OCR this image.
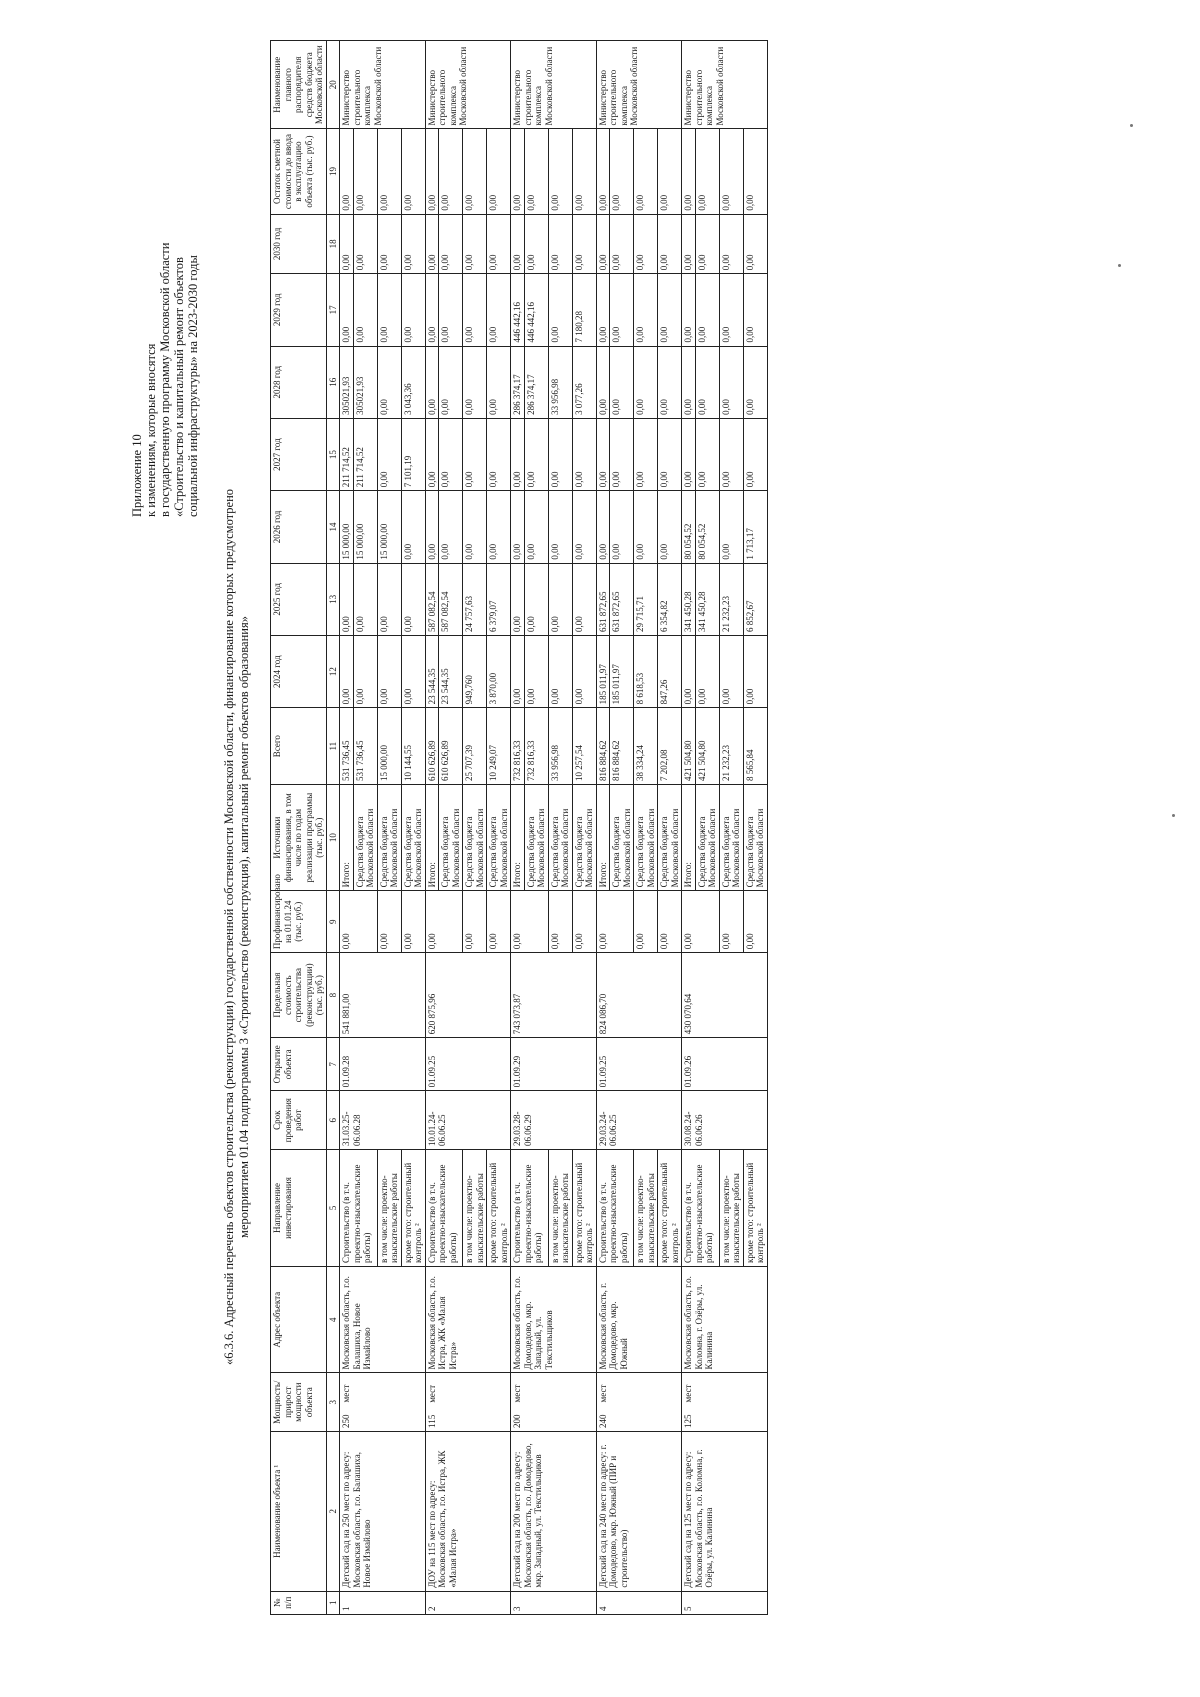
Приложение 10 к изменениям, которые вносятся в государственную программу Московской области «Строительство и капитальный ремонт объектов социальной инфраструктуры» на 2023-2030 годы
«6.3.6. Адресный перечень объектов строительства (реконструкции) государственной собственности Московской области, финансирование которых предусмотрено мероприятием 01.04 подпрограммы 3 «Строительство (реконструкция), капитальный ремонт объектов образования»
№ п/п	Наименование объекта ¹	Мощность/ прирост мощности объекта	Адрес объекта	Направление инвестирования	Срок проведения работ	Открытие объекта	Предельная стоимость строительства (реконструкции) (тыс. руб.)	Профинансировано на 01.01.24 (тыс. руб.)	Источники финансирования, в том числе по годам реализации программы (тыс. руб.)	Всего	2024 год	2025 год	2026 год	2027 год	2028 год	2029 год	2030 год	Остаток сметной стоимости до ввода в эксплуатацию объекта (тыс. руб.)	Наименование главного распорядителя средств бюджета Московской области
1	2	3	4	5	6	7	8	9	10	11	12	13	14	15	16	17	18	19	20
1	Детский сад на 250 мест по адресу: Московская область, г.о. Балашиха, Новое Измайлово	250мест	Московская область, г.о. Балашиха, Новое Измайлово	Строительство (в т.ч. проектно-изыскательские работы)	31.03.25-06.06.28	01.09.28	541 881,00	0,00	Итого:	531 736,45	0,00	0,00	15 000,00	211 714,52	305021,93	0,00	0,00	0,00	Министерство строительного комплекса Московской области
									Средства бюджета Московской области	531 736,45	0,00	0,00	15 000,00	211 714,52	305021,93	0,00	0,00	0,00	
				в том числе: проектно-изыскательские работы				0,00	Средства бюджета Московской области	15 000,00	0,00	0,00	15 000,00	0,00	0,00	0,00	0,00	0,00	
				кроме того: строительный контроль ²				0,00	Средства бюджета Московской области	10 144,55	0,00	0,00	0,00	7 101,19	3 043,36	0,00	0,00	0,00	
2	ДОУ на 115 мест по адресу: Московская область, г.о. Истра, ЖК «Малая Истра»	115мест	Московская область, г.о. Истра, ЖК «Малая Истра»	Строительство (в т.ч. проектно-изыскательские работы)	10.01.24-06.06.25	01.09.25	620 875,96	0,00	Итого:	610 626,89	23 544,35	587 082,54	0,00	0,00	0,00	0,00	0,00	0,00	Министерство строительного комплекса Московской области
									Средства бюджета Московской области	610 626,89	23 544,35	587 082,54	0,00	0,00	0,00	0,00	0,00	0,00	
				в том числе: проектно-изыскательские работы				0,00	Средства бюджета Московской области	25 707,39	949,760	24 757,63	0,00	0,00	0,00	0,00	0,00	0,00	
				кроме того: строительный контроль ²				0,00	Средства бюджета Московской области	10 249,07	3 870,00	6 379,07	0,00	0,00	0,00	0,00	0,00	0,00	
3	Детский сад на 200 мест по адресу: Московская область, г.о. Домодедово, мкр. Западный, ул. Текстильщиков	200мест	Московская область, г.о. Домодедово, мкр. Западный, ул. Текстильщиков	Строительство (в т.ч. проектно-изыскательские работы)	29.03.28-06.06.29	01.09.29	743 073,87	0,00	Итого:	732 816,33	0,00	0,00	0,00	0,00	286 374,17	446 442,16	0,00	0,00	Министерство строительного комплекса Московской области
									Средства бюджета Московской области	732 816,33	0,00	0,00	0,00	0,00	286 374,17	446 442,16	0,00	0,00	
				в том числе: проектно-изыскательские работы				0,00	Средства бюджета Московской области	33 956,98	0,00	0,00	0,00	0,00	33 956,98	0,00	0,00	0,00	
				кроме того: строительный контроль ²				0,00	Средства бюджета Московской области	10 257,54	0,00	0,00	0,00	0,00	3 077,26	7 180,28	0,00	0,00	
4	Детский сад на 240 мест по адресу: г. Домодедово, мкр. Южный (ПИР и строительство)	240мест	Московская область, г. Домодедово, мкр. Южный	Строительство (в т.ч. проектно-изыскательские работы)	29.03.24-06.06.25	01.09.25	824 086,70	0,00	Итого:	816 884,62	185 011,97	631 872,65	0,00	0,00	0,00	0,00	0,00	0,00	Министерство строительного комплекса Московской области
									Средства бюджета Московской области	816 884,62	185 011,97	631 872,65	0,00	0,00	0,00	0,00	0,00	0,00	
				в том числе: проектно-изыскательские работы				0,00	Средства бюджета Московской области	38 334,24	8 618,53	29 715,71	0,00	0,00	0,00	0,00	0,00	0,00	
				кроме того: строительный контроль ²				0,00	Средства бюджета Московской области	7 202,08	847,26	6 354,82	0,00	0,00	0,00	0,00	0,00	0,00	
5	Детский сад на 125 мест по адресу: Московская область, г.о. Коломна, г. Озёры, ул. Калинина	125мест	Московская область, г.о. Коломна, г. Озёры, ул. Калинина	Строительство (в т.ч. проектно-изыскательские работы)	30.08.24-06.06.26	01.09.26	430 070,64	0,00	Итого:	421 504,80	0,00	341 450,28	80 054,52	0,00	0,00	0,00	0,00	0,00	Министерство строительного комплекса Московской области
									Средства бюджета Московской области	421 504,80	0,00	341 450,28	80 054,52	0,00	0,00	0,00	0,00	0,00	
				в том числе: проектно-изыскательские работы				0,00	Средства бюджета Московской области	21 232,23	0,00	21 232,23	0,00	0,00	0,00	0,00	0,00	0,00	
				кроме того: строительный контроль ²				0,00	Средства бюджета Московской области	8 565,84	0,00	6 852,67	1 713,17	0,00	0,00	0,00	0,00	0,00	
